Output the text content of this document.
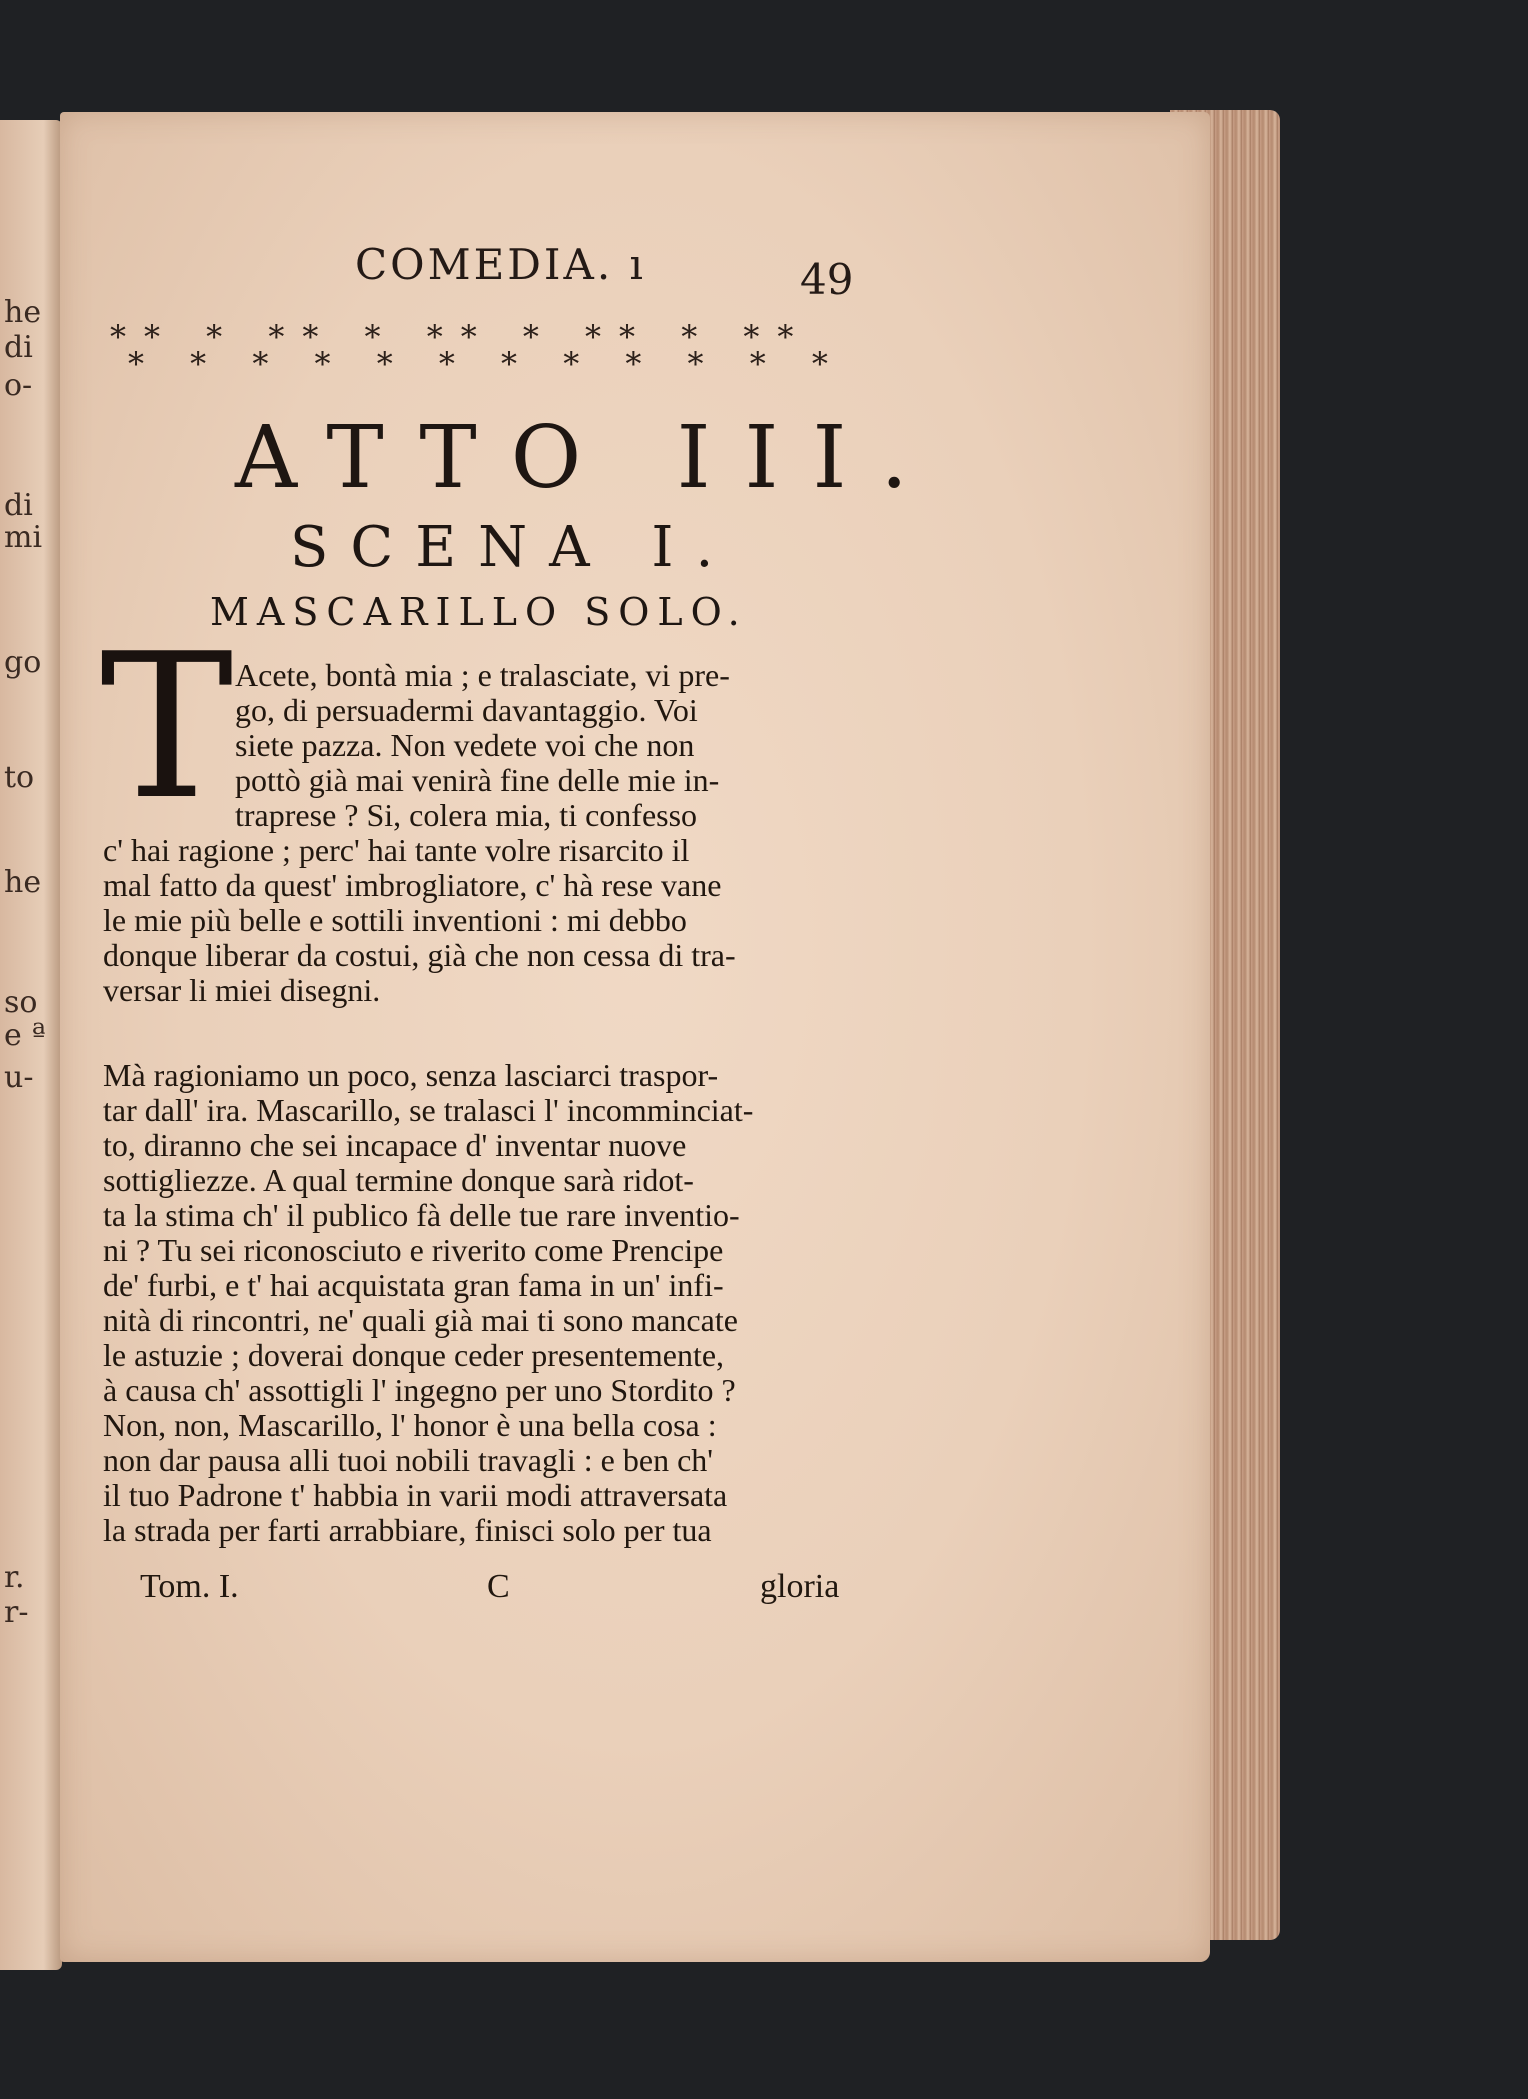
COMEDIA. ı	49
** * ** * ** * ** * **
* * * * * * * * * * * *
ATTO III.
SCENA I.
MASCARILLO SOLO.
T
he
di
o-
di
mi
go
to
he
so
e ª
u-
r.
r-
Acete, bontà mia ; e tralasciate, vi pre-
go, di persuadermi davantaggio. Voi
siete pazza. Non vedete voi che non
pottò già mai venirà fine delle mie in-
traprese ? Si, colera mia, ti confesso
c' hai ragione ; perc' hai tante volre risarcito il
mal fatto da quest' imbrogliatore, c' hà rese vane
le mie più belle e sottili inventioni : mi debbo
donque liberar da costui, già che non cessa di tra-
versar li miei disegni.
Mà ragioniamo un poco, senza lasciarci traspor-
tar dall' ira. Mascarillo, se tralasci l' incomminciat-
to, diranno che sei incapace d' inventar nuove
sottigliezze. A qual termine donque sarà ridot-
ta la stima ch' il publico fà delle tue rare inventio-
ni ? Tu sei riconosciuto e riverito come Prencipe
de' furbi, e t' hai acquistata gran fama in un' infi-
nità di rincontri, ne' quali già mai ti sono mancate
le astuzie ; doverai donque ceder presentemente,
à causa ch' assottigli l' ingegno per uno Stordito ?
Non, non, Mascarillo, l' honor è una bella cosa :
non dar pausa alli tuoi nobili travagli : e ben ch'
il tuo Padrone t' habbia in varii modi attraversata
la strada per farti arrabbiare, finisci solo per tua
Tom. I.	C	gloria
